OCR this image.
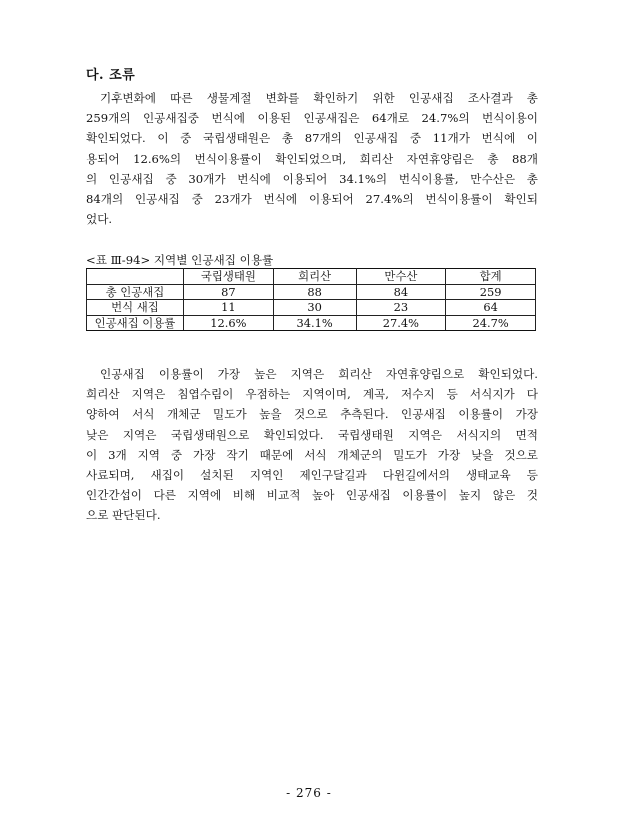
다. 조류
기후변화에 따른 생물계절 변화를 확인하기 위한 인공새집 조사결과 총
259개의 인공새집중 번식에 이용된 인공새집은 64개로 24.7%의 번식이용이
확인되었다. 이 중 국립생태원은 총 87개의 인공새집 중 11개가 번식에 이
용되어 12.6%의 번식이용률이 확인되었으며, 희리산 자연휴양림은 총 88개
의 인공새집 중 30개가 번식에 이용되어 34.1%의 번식이용률, 만수산은 총
84개의 인공새집 중 23개가 번식에 이용되어 27.4%의 번식이용률이 확인되
었다.
<표 Ⅲ-94> 지역별 인공새집 이용률
	국립생태원	희리산	만수산	합계
총 인공새집	87	88	84	259
번식 새집	11	30	23	64
인공새집 이용률	12.6%	34.1%	27.4%	24.7%
인공새집 이용률이 가장 높은 지역은 희리산 자연휴양림으로 확인되었다.
희리산 지역은 침엽수림이 우점하는 지역이며, 계곡, 저수지 등 서식지가 다
양하여 서식 개체군 밀도가 높을 것으로 추측된다. 인공새집 이용률이 가장
낮은 지역은 국립생태원으로 확인되었다. 국립생태원 지역은 서식지의 면적
이 3개 지역 중 가장 작기 때문에 서식 개체군의 밀도가 가장 낮을 것으로
사료되며, 새집이 설치된 지역인 제인구달길과 다윈길에서의 생태교육 등
인간간섭이 다른 지역에 비해 비교적 높아 인공새집 이용률이 높지 않은 것
으로 판단된다.
- 276 -
